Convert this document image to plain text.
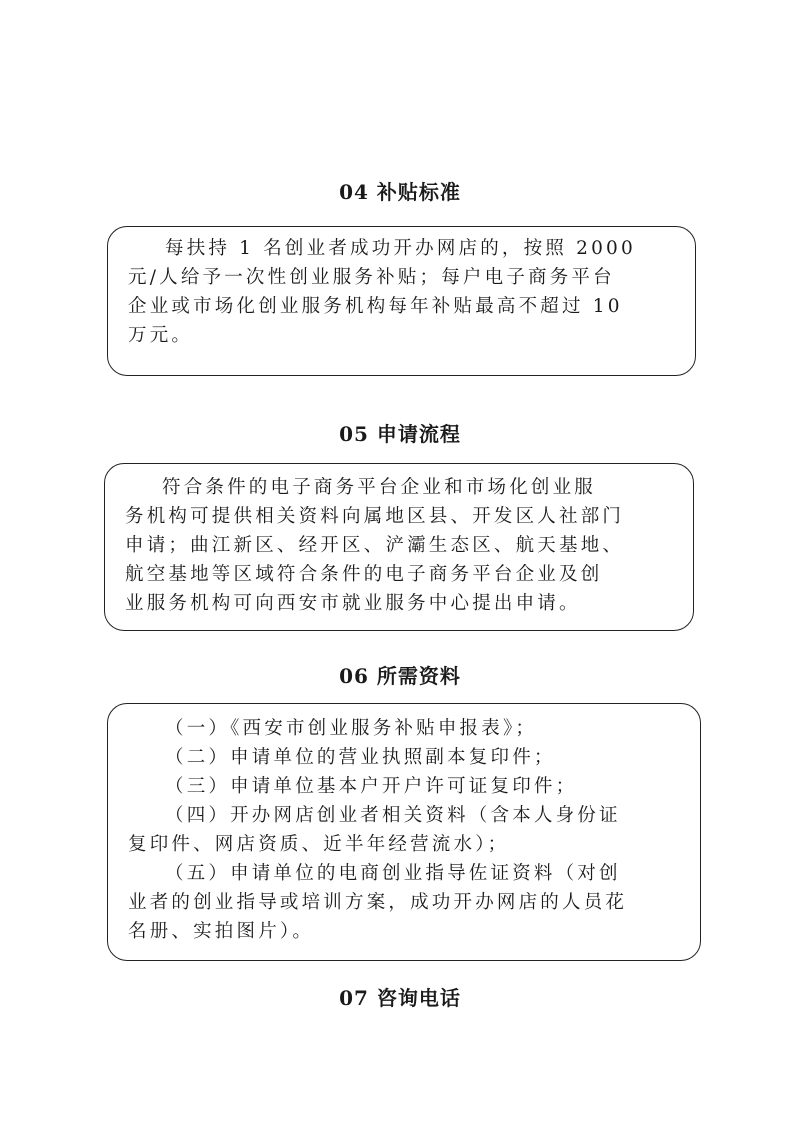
04 补贴标准
每扶持 1 名创业者成功开办网店的，按照 2000
元/人给予一次性创业服务补贴；每户电子商务平台
企业或市场化创业服务机构每年补贴最高不超过 10
万元。
05 申请流程
符合条件的电子商务平台企业和市场化创业服
务机构可提供相关资料向属地区县、开发区人社部门
申请；曲江新区、经开区、浐灞生态区、航天基地、
航空基地等区域符合条件的电子商务平台企业及创
业服务机构可向西安市就业服务中心提出申请。
06 所需资料
（一）《西安市创业服务补贴申报表》；
（二）申请单位的营业执照副本复印件；
（三）申请单位基本户开户许可证复印件；
（四）开办网店创业者相关资料（含本人身份证
复印件、网店资质、近半年经营流水）；
（五）申请单位的电商创业指导佐证资料（对创
业者的创业指导或培训方案，成功开办网店的人员花
名册、实拍图片）。
07 咨询电话
